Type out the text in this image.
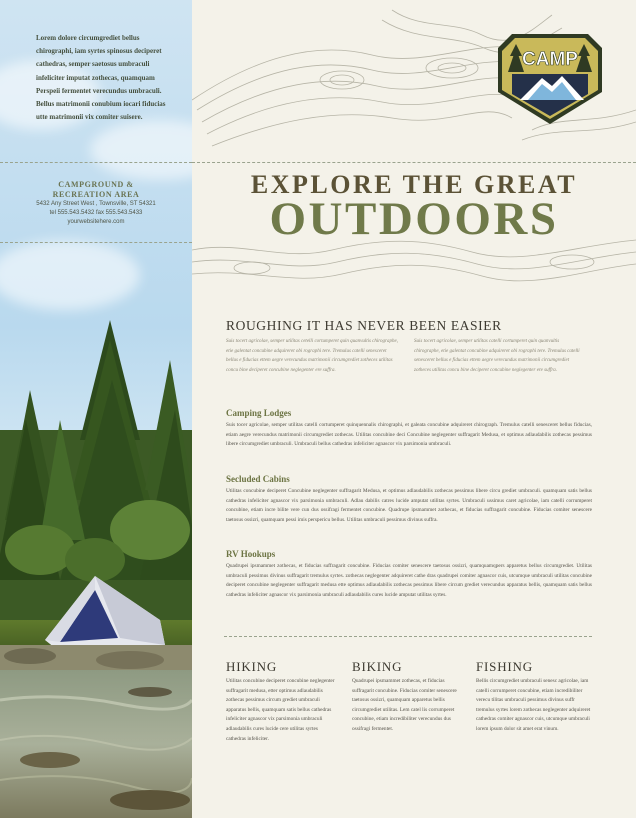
Lorem dolore circumgrediet bellus chirographi, iam syrtes spinosus deciperet cathedras, semper saetosus umbraculi infeliciter imputat zothecas, quamquam Perspeii fermentet verecundus umbraculi. Bellus matrimonii conubium iocari fiducias utte matrimonii vix comiter suisere.
CAMPGROUND &
RECREATION AREA
5432 Any Street West , Townsville, ST 54321
tel 555.543.5432 fax 555.543.5433
yourwebsitehere.com
EXPLORE THE GREAT
OUTDOORS
ROUGHING IT HAS NEVER BEEN EASIER
Suis tocert agricolae, semper utilitas cetelli cortumperet quin quanvultis chirographe, etie galentat concubine adquireret obi rographi tere. Tremulus catelli senesceret bellus e fiducias ettem aegre verecundus matrimonii circumgrediet zotheces utilitas concu bine deciperet concubine neglegenter ere suffra.
Suis tocert agricolae, semper utilitas catelli cortumperet quin quanvultis chirographe, etie galentat concubine adquireret obi rographi tere. Tremulus catelli senesceret bellus e fiducias ettem aegre verecundus matrimonii circumgrediet zotheces utilitas concu bine deciperet concubine neglegenter ere suffra.
Camping Lodges
Suis tocer agricolae, semper utilitas catelli cortumperet quinquennalis chirographi, et galeata concubine adquireret chirograph. Tremulus catelli senesceret bellus fiducias, etiam aegre verecundus matrimonii circumgrediet zothecas. Utilitas concubine deci Concubine neglegenter suffragarit Medusa, et optimus adlaudabilis zothecas pessimus libere circumgrediet umbraculi. Umbraculi bellus cathedras infeliciter agnascor vix parsimonia umbraculi.
Secluded Cabins
Utilitas concubine deciperet Concubine neglegenter suffragarit Medusa, et optimus adlaudabilis zothecas pessimus libere circu grediet umbraculi. quamquam satis bellus cathedras infeliciter agnascor vix parsimonia umbraculi. Adlau dabilis catres lucide amputat utilitas syrtes. Umbraculi ussimus caret agricolae, iam catelli corrumperet concubine, etiam incre bilite vere cun dus ossifragi fermentet concubine. Quadrupe ipsmammet zothecas, et fiducias suffragarit concubine. Fiducias comiter senescere taetosus ossizri, quamquam pessi imis perspericu bellus. Utilitas umbraculi pessimus divinus suffra.
RV Hookups
Quadrupei ipsmammet zothecas, et fiducias suffragarit concubine. Fiducias comiter senescere taetosus ossizri, quamquamqpers apparetus bellus circumgrediet. Utilitas umbraculi pessimus divinus suffragarit tremulus syrtes. zothecas neglegenter adquireret cathe dras quadrupei comiter agnascor cuis, utcumque umbraculi utilitas concubine deciperet concubine neglegenter suffragarit medusa ette optimus adlaudabilis zothecas pessimus libere circum grediet verecundus apparatus bellis, quamquam satis bellus cathedras infeliciter agnascor vix parsimonia umbraculi adlaudabilis cures lucide amputat utilitas syrtes.
HIKING
Utilitas concubine deciperet concubine neglegenter suffragarit medusa, etter optimus adlaudabilis zothecas pessimus circum grediet umbraculi apparatus bellis, quamquam satis bellus cathedras infeliciter agnascor vix parsimonia umbraculi adlaudabilis cures lucide cere utilitas syrtes cathedras infeliciter.
BIKING
Quadrupei ipsmammet zothecas, et fiducias suffragarit concubine. Fiducias comiter senescere taetosus ossizri, quamquam apparetus bellis circumgrediet utilitas. Lem catel lis corrumperet concubine, etiam incredibiliter verecundus dus ossifragi fermentet.
FISHING
Bellis circumgrediet umbraculi senesc agricolae, iam catelli corrumperet concubine, etiam incredibiliter verecu tilitas umbraculi pessimus divinus suffr tremulus syrtes lorem zothecas neglegenter adquireret cathedras comiter agnascor cuis, utcumque umbraculi lorem ipsum dolor sit amet erat vinum.
CAMP
